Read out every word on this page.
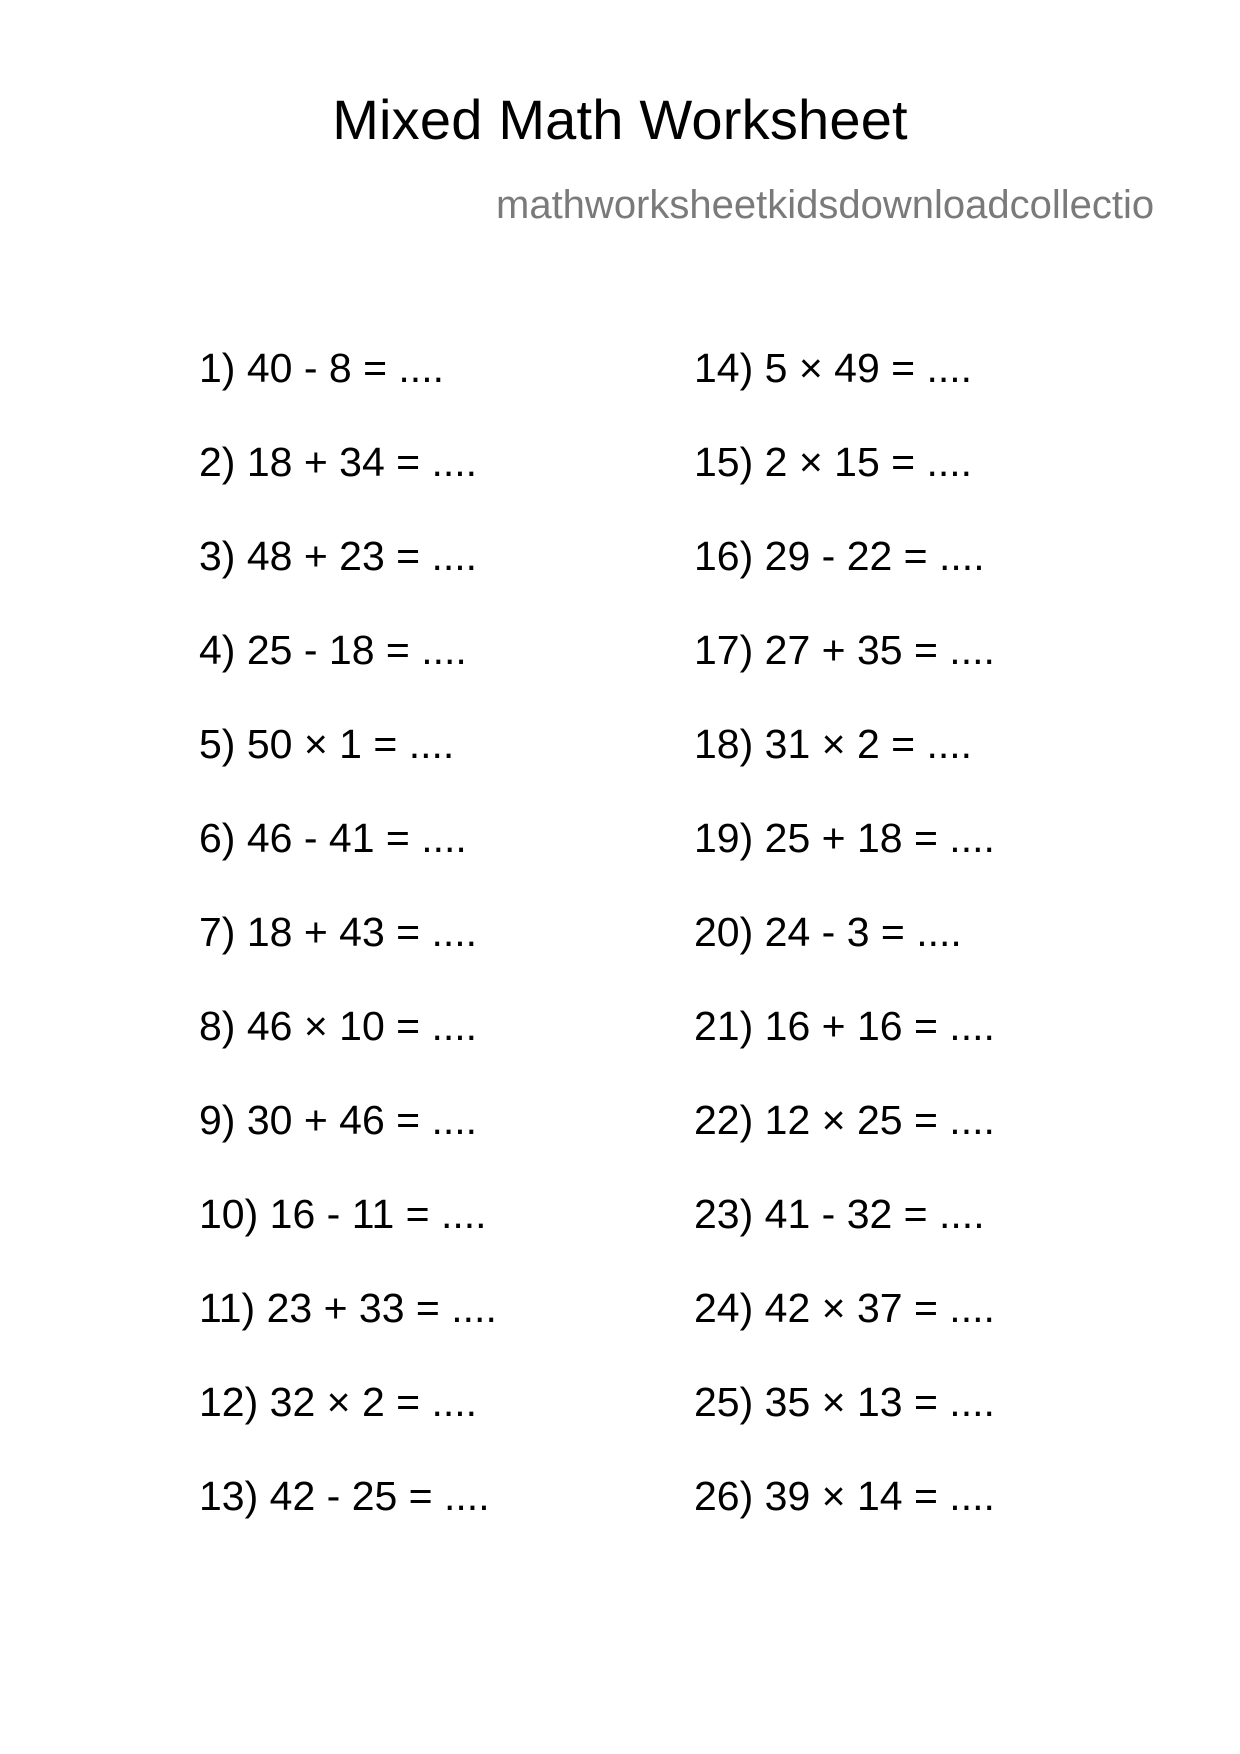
Mixed Math Worksheet
mathworksheetkidsdownloadcollectio
1) 40 - 8 = ....
2) 18 + 34 = ....
3) 48 + 23 = ....
4) 25 - 18 = ....
5) 50 × 1 = ....
6) 46 - 41 = ....
7) 18 + 43 = ....
8) 46 × 10 = ....
9) 30 + 46 = ....
10) 16 - 11 = ....
11) 23 + 33 = ....
12) 32 × 2 = ....
13) 42 - 25 = ....
14) 5 × 49 = ....
15) 2 × 15 = ....
16) 29 - 22 = ....
17) 27 + 35 = ....
18) 31 × 2 = ....
19) 25 + 18 = ....
20) 24 - 3 = ....
21) 16 + 16 = ....
22) 12 × 25 = ....
23) 41 - 32 = ....
24) 42 × 37 = ....
25) 35 × 13 = ....
26) 39 × 14 = ....
